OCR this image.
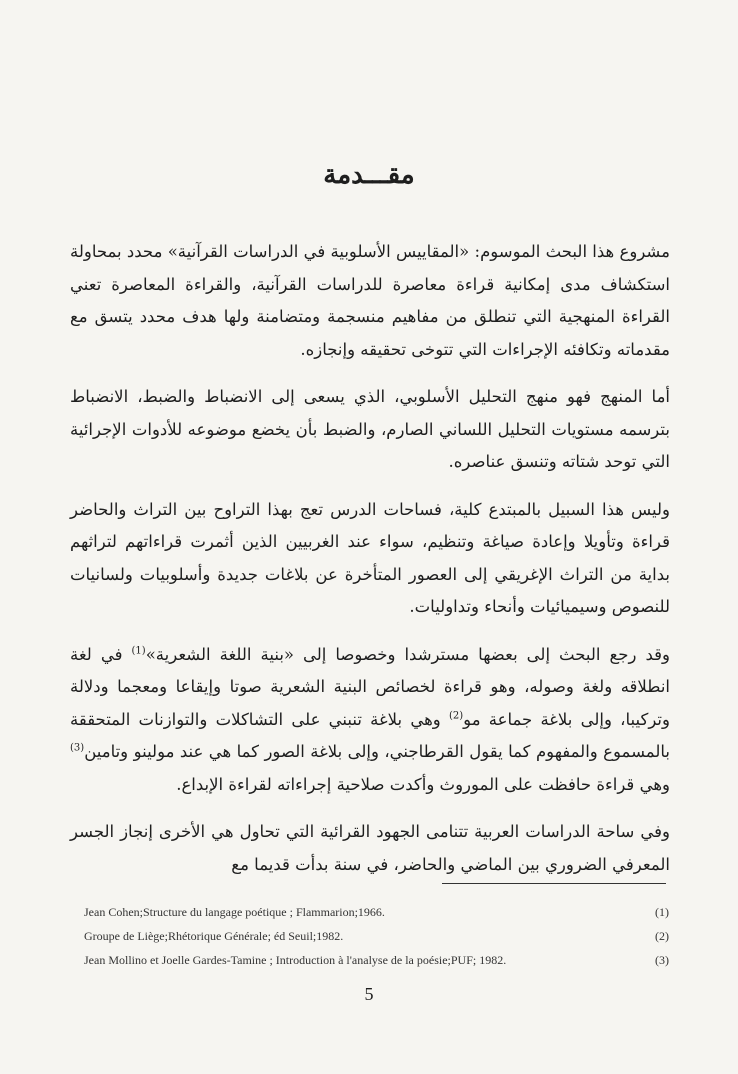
مقـــدمة

مشروع هذا البحث الموسوم: «المقاييس الأسلوبية في الدراسات القرآنية» محدد بمحاولة استكشاف مدى إمكانية قراءة معاصرة للدراسات القرآنية، والقراءة المعاصرة تعني القراءة المنهجية التي تنطلق من مفاهيم منسجمة ومتضامنة ولها هدف محدد يتسق مع مقدماته وتكافئه الإجراءات التي تتوخى تحقيقه وإنجازه.

أما المنهج فهو منهج التحليل الأسلوبي، الذي يسعى إلى الانضباط والضبط، الانضباط بترسمه مستويات التحليل اللساني الصارم، والضبط بأن يخضع موضوعه للأدوات الإجرائية التي توحد شتاته وتنسق عناصره.

وليس هذا السبيل بالمبتدع كلية، فساحات الدرس تعج بهذا التراوح بين التراث والحاضر قراءة وتأويلا وإعادة صياغة وتنظيم، سواء عند الغربيين الذين أثمرت قراءاتهم لتراثهم بداية من التراث الإغريقي إلى العصور المتأخرة عن بلاغات جديدة وأسلوبيات ولسانيات للنصوص وسيميائيات وأنحاء وتداوليات.

وقد رجع البحث إلى بعضها مسترشدا وخصوصا إلى «بنية اللغة الشعرية»$^{(1)}$ في لغة انطلاقه ولغة وصوله، وهو قراءة لخصائص البنية الشعرية صوتا وإيقاعا ومعجما ودلالة وتركيبا، وإلى بلاغة جماعة مو$^{(2)}$ وهي بلاغة تنبني على التشاكلات والتوازنات المتحققة بالمسموع والمفهوم كما يقول القرطاجني، وإلى بلاغة الصور كما هي عند مولينو وتامين$^{(3)}$ وهي قراءة حافظت على الموروث وأكدت صلاحية إجراءاته لقراءة الإبداع.

وفي ساحة الدراسات العربية تتنامى الجهود القرائية التي تحاول هي الأخرى إنجاز الجسر المعرفي الضروري بين الماضي والحاضر، في سنة بدأت قديما مع

Jean Cohen;Structure du langage poétique ; Flammarion;1966.	(1)
Groupe de Liège;Rhétorique Générale; éd Seuil;1982.	(2)
Jean Mollino et Joelle Gardes-Tamine ; Introduction à l'analyse de la poésie;PUF; 1982.	(3)
5
